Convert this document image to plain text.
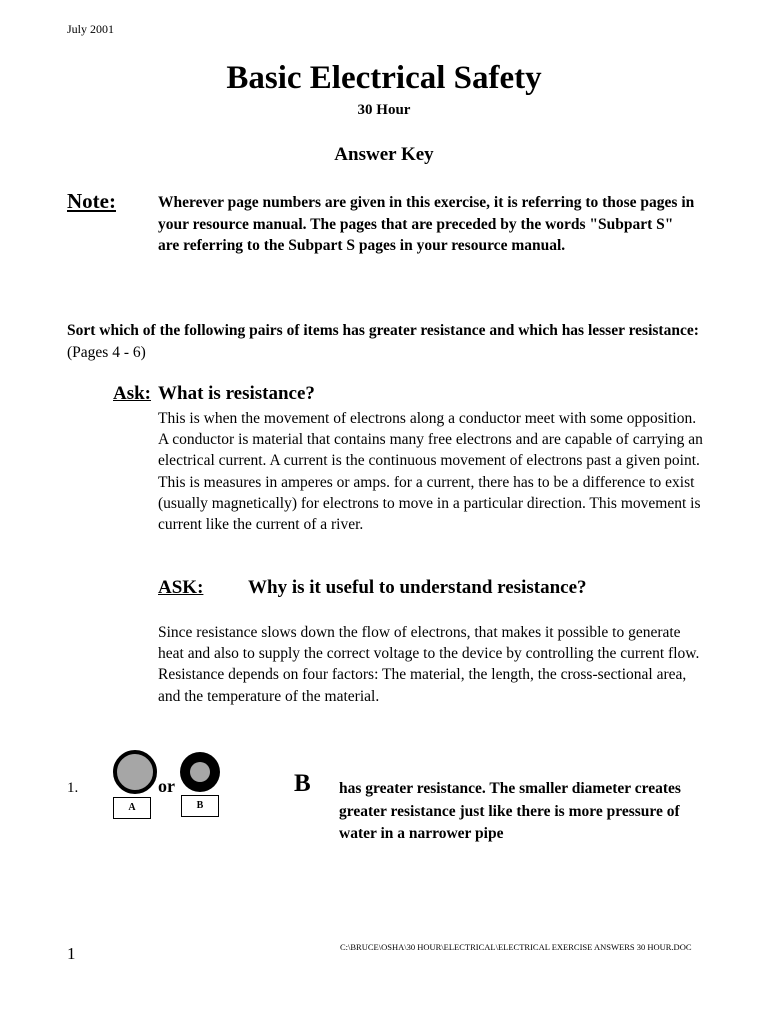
July 2001
Basic Electrical Safety
30 Hour
Answer Key
Note:	Wherever page numbers are given in this exercise, it is referring to those pages in your resource manual. The pages that are preceded by the words "Subpart S" are referring to the Subpart S pages in your resource manual.
Sort which of the following pairs of items has greater resistance and which has lesser resistance: (Pages 4 - 6)
Ask: What is resistance?
This is when the movement of electrons along a conductor meet with some opposition. A conductor is material that contains many free electrons and are capable of carrying an electrical current. A current is the continuous movement of electrons past a given point. This is measures in amperes or amps. for a current, there has to be a difference to exist (usually magnetically) for electrons to move in a particular direction. This movement is current like the current of a river.
ASK: Why is it useful to understand resistance?
Since resistance slows down the flow of electrons, that makes it possible to generate heat and also to supply the correct voltage to the device by controlling the current flow. Resistance depends on four factors: The material, the length, the cross-sectional area, and the temperature of the material.
1.	or
A	B
B has greater resistance. The smaller diameter creates greater resistance just like there is more pressure of water in a narrower pipe
1	C:\BRUCE\OSHA\30 HOUR\ELECTRICAL\ELECTRICAL EXERCISE ANSWERS 30 HOUR.DOC
